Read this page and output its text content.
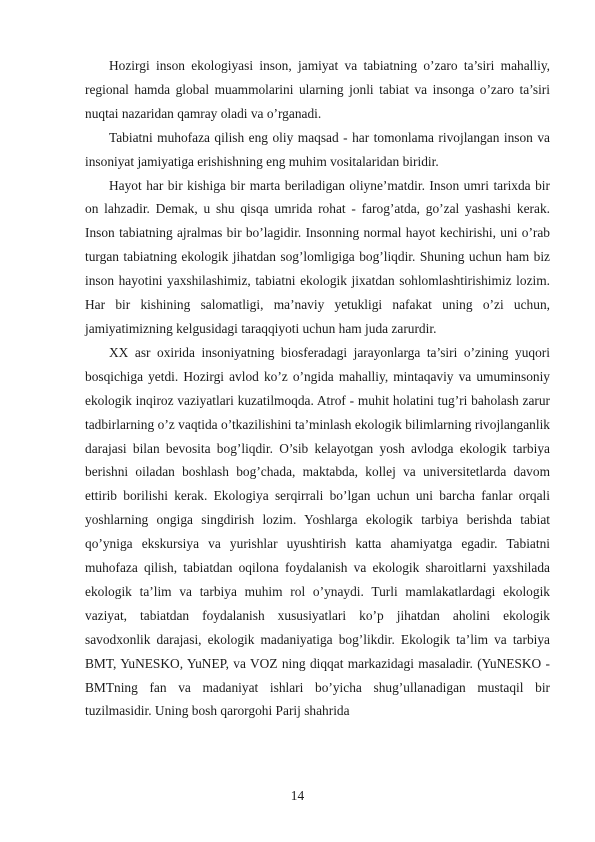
Hozirgi inson ekologiyasi inson, jamiyat va tabiatning o’zaro ta’siri mahalliy, regional hamda global muammolarini ularning jonli tabiat va insonga o’zaro ta’siri nuqtai nazaridan qamray oladi va o’rganadi.

Tabiatni muhofaza qilish eng oliy maqsad - har tomonlama rivojlangan inson va insoniyat jamiyatiga erishishning eng muhim vositalaridan biridir.

Hayot har bir kishiga bir marta beriladigan oliyne’matdir. Inson umri tarixda bir on lahzadir. Demak, u shu qisqa umrida rohat - farog’atda, go’zal yashashi kerak. Inson tabiatning ajralmas bir bo’lagidir. Insonning normal hayot kechirishi, uni o’rab turgan tabiatning ekologik jihatdan sog’lomligiga bog’liqdir. Shuning uchun ham biz inson hayotini yaxshilashimiz, tabiatni ekologik jixatdan sohlomlashtirishimiz lozim. Har bir kishining salomatligi, ma’naviy yetukligi nafakat uning o’zi uchun, jamiyatimizning kelgusidagi taraqqiyoti uchun ham juda zarurdir.

XX asr oxirida insoniyatning biosferadagi jarayonlarga ta’siri o’zining yuqori bosqichiga yetdi. Hozirgi avlod ko’z o’ngida mahalliy, mintaqaviy va umuminsoniy ekologik inqiroz vaziyatlari kuzatilmoqda. Atrof - muhit holatini tug’ri baholash zarur tadbirlarning o’z vaqtida o’tkazilishini ta’minlash ekologik bilimlarning rivojlanganlik darajasi bilan bevosita bog’liqdir. O’sib kelayotgan yosh avlodga ekologik tarbiya berishni oiladan boshlash bog’chada, maktabda, kollej va universitetlarda davom ettirib borilishi kerak. Ekologiya serqirrali bo’lgan uchun uni barcha fanlar orqali yoshlarning ongiga singdirish lozim. Yoshlarga ekologik tarbiya berishda tabiat qo’yniga ekskursiya va yurishlar uyushtirish katta ahamiyatga egadir. Tabiatni muhofaza qilish, tabiatdan oqilona foydalanish va ekologik sharoitlarni yaxshilada ekologik ta’lim va tarbiya muhim rol o’ynaydi. Turli mamlakatlardagi ekologik vaziyat, tabiatdan foydalanish xususiyatlari ko’p jihatdan aholini ekologik savodxonlik darajasi, ekologik madaniyatiga bog’likdir. Ekologik ta’lim va tarbiya BMT, YuNESKO, YuNEP, va VOZ ning diqqat markazidagi masaladir. (YuNESKO - BMTning fan va madaniyat ishlari bo’yicha shug’ullanadigan mustaqil bir tuzilmasidir. Uning bosh qarorgohi Parij shahrida

14
